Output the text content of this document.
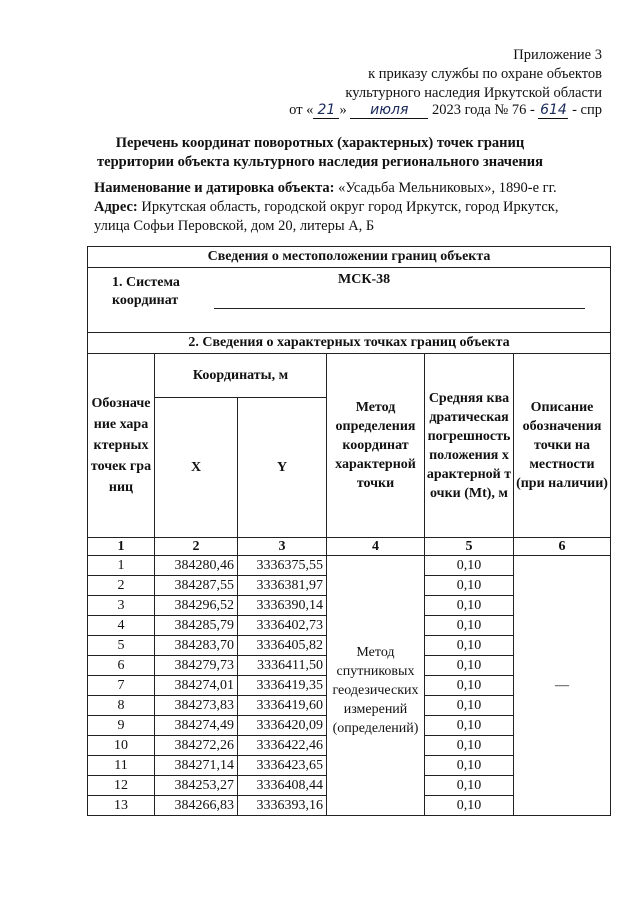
Приложение 3
к приказу службы по охране объектов
культурного наследия Иркутской области
от « 21 » июля 2023 года № 76 - 614 - спр
Перечень координат поворотных (характерных) точек границ
территории объекта культурного наследия регионального значения
Наименование и датировка объекта: «Усадьба Мельниковых», 1890-е гг.
Адрес: Иркутская область, городской округ город Иркутск, город Иркутск,
улица Софьи Перовской, дом 20, литеры А, Б
Сведения о местоположении границ объекта					

1. Система
координат
МСК-38					

2. Сведения о характерных точках границ объекта					

Обозначение характерных точек границ	Координаты, м		Метод определения координат характерной точки	Средняя квадратическая погрешность положения характерной точки (Mt), м	Описание обозначения точки на местности (при наличии)

	X	Y			
1	2	3	4	5	6
1	384280,46	3336375,55	Метод спутниковых геодезических измерений (определений)	0,10	—
2	384287,55	3336381,97		0,10	
3	384296,52	3336390,14		0,10	
4	384285,79	3336402,73		0,10	
5	384283,70	3336405,82		0,10	
6	384279,73	3336411,50		0,10	
7	384274,01	3336419,35		0,10	
8	384273,83	3336419,60		0,10	
9	384274,49	3336420,09		0,10	
10	384272,26	3336422,46		0,10	
11	384271,14	3336423,65		0,10	
12	384253,27	3336408,44		0,10	
13	384266,83	3336393,16		0,10	
